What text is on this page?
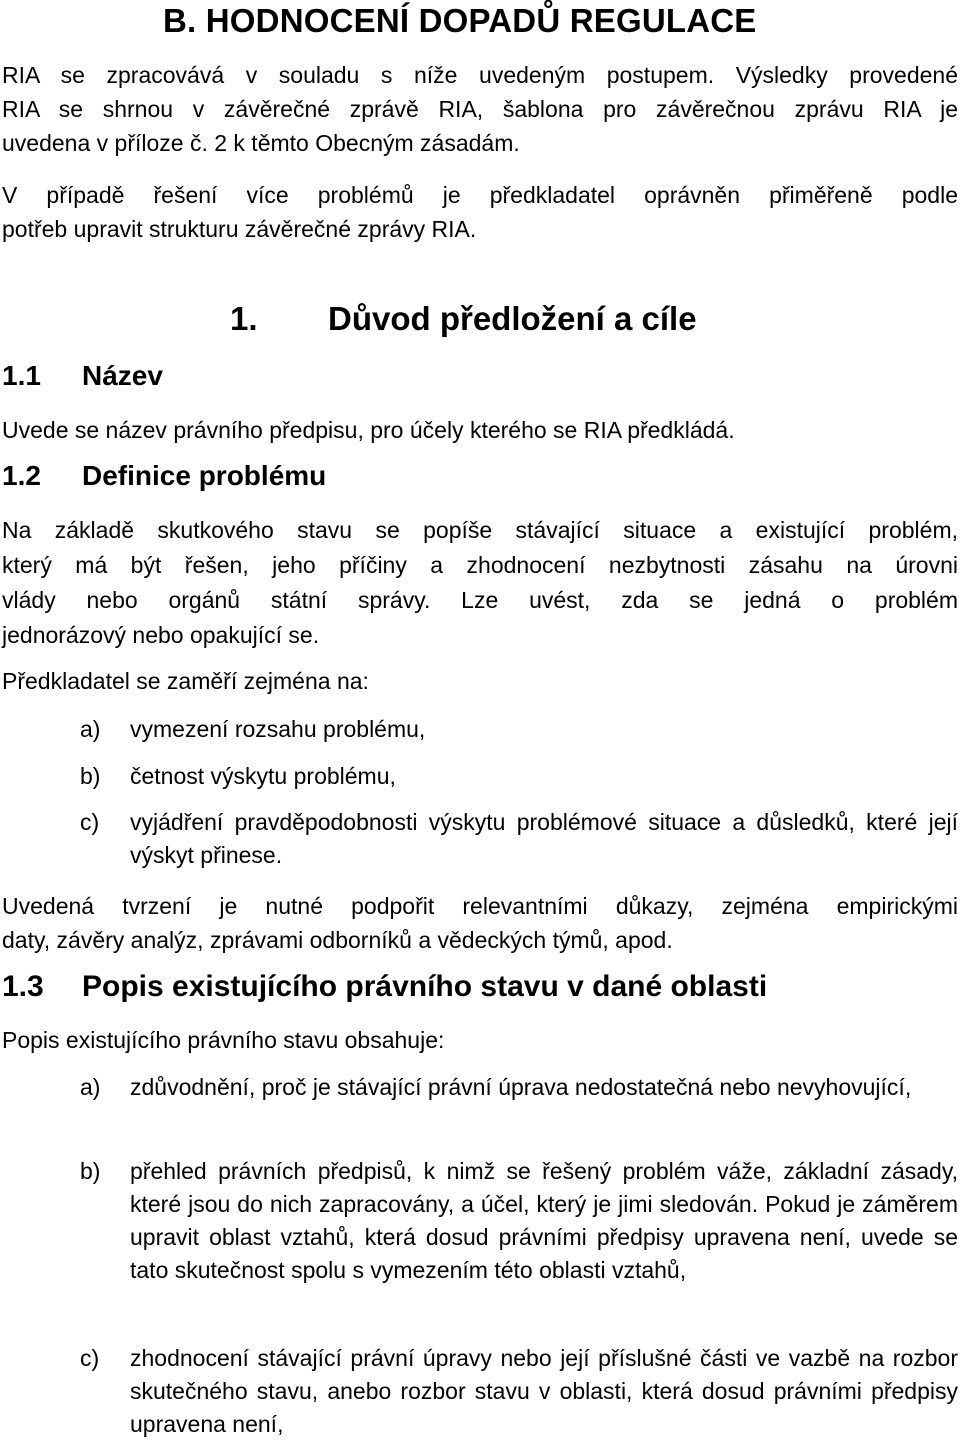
B. HODNOCENÍ DOPADŮ REGULACE
RIA se zpracovává v souladu s níže uvedeným postupem. Výsledky provedené
RIA se shrnou v závěrečné zprávě RIA, šablona pro závěrečnou zprávu RIA je
uvedena v příloze č. 2 k těmto Obecným zásadám.
V případě řešení více problémů je předkladatel oprávněn přiměřeně podle
potřeb upravit strukturu závěrečné zprávy RIA.
1. Důvod předložení a cíle
1.1 Název
Uvede se název právního předpisu, pro účely kterého se RIA předkládá.
1.2 Definice problému
Na základě skutkového stavu se popíše stávající situace a existující problém,
který má být řešen, jeho příčiny a zhodnocení nezbytnosti zásahu na úrovni
vlády nebo orgánů státní správy. Lze uvést, zda se jedná o problém
jednorázový nebo opakující se.
Předkladatel se zaměří zejména na:
a) vymezení rozsahu problému,
b) četnost výskytu problému,
c) vyjádření pravděpodobnosti výskytu problémové situace a důsledků, které její výskyt přinese.
Uvedená tvrzení je nutné podpořit relevantními důkazy, zejména empirickými
daty, závěry analýz, zprávami odborníků a vědeckých týmů, apod.
1.3 Popis existujícího právního stavu v dané oblasti
Popis existujícího právního stavu obsahuje:
a) zdůvodnění, proč je stávající právní úprava nedostatečná nebo nevyhovující,
b) přehled právních předpisů, k nimž se řešený problém váže, základní zásady, které jsou do nich zapracovány, a účel, který je jimi sledován. Pokud je záměrem upravit oblast vztahů, která dosud právními předpisy upravena není, uvede se tato skutečnost spolu s vymezením této oblasti vztahů,
c) zhodnocení stávající právní úpravy nebo její příslušné části ve vazbě na rozbor skutečného stavu, anebo rozbor stavu v oblasti, která dosud právními předpisy upravena není,
